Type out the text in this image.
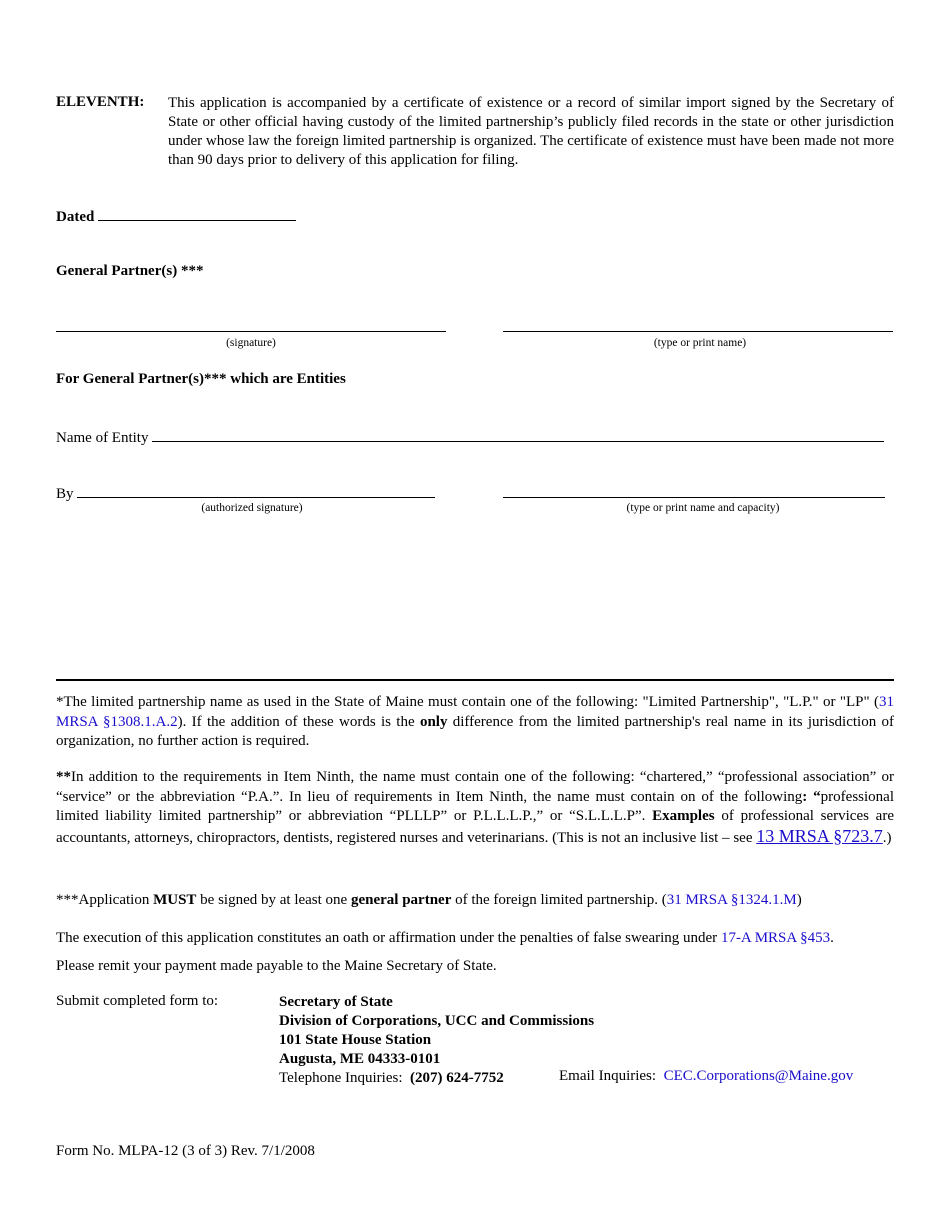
ELEVENTH: This application is accompanied by a certificate of existence or a record of similar import signed by the Secretary of State or other official having custody of the limited partnership’s publicly filed records in the state or other jurisdiction under whose law the foreign limited partnership is organized. The certificate of existence must have been made not more than 90 days prior to delivery of this application for filing.
Dated
General Partner(s) ***
(signature)	(type or print name)
For General Partner(s)*** which are Entities
Name of Entity
By
(authorized signature)	(type or print name and capacity)
*The limited partnership name as used in the State of Maine must contain one of the following: "Limited Partnership", "L.P." or "LP" (31 MRSA §1308.1.A.2). If the addition of these words is the only difference from the limited partnership's real name in its jurisdiction of organization, no further action is required.
**In addition to the requirements in Item Ninth, the name must contain one of the following: “chartered,” “professional association” or “service” or the abbreviation “P.A.”. In lieu of requirements in Item Ninth, the name must contain on of the following: “professional limited liability limited partnership” or abbreviation “PLLLP” or P.L.L.L.P.,” or “S.L.L.L.P”. Examples of professional services are accountants, attorneys, chiropractors, dentists, registered nurses and veterinarians. (This is not an inclusive list – see 13 MRSA §723.7.)
***Application MUST be signed by at least one general partner of the foreign limited partnership. (31 MRSA §1324.1.M)
The execution of this application constitutes an oath or affirmation under the penalties of false swearing under 17-A MRSA §453.
Please remit your payment made payable to the Maine Secretary of State.
Submit completed form to:	Secretary of State
Division of Corporations, UCC and Commissions
101 State House Station
Augusta, ME 04333-0101
Telephone Inquiries: (207) 624-7752	Email Inquiries: CEC.Corporations@Maine.gov
Form No. MLPA-12 (3 of 3) Rev. 7/1/2008
